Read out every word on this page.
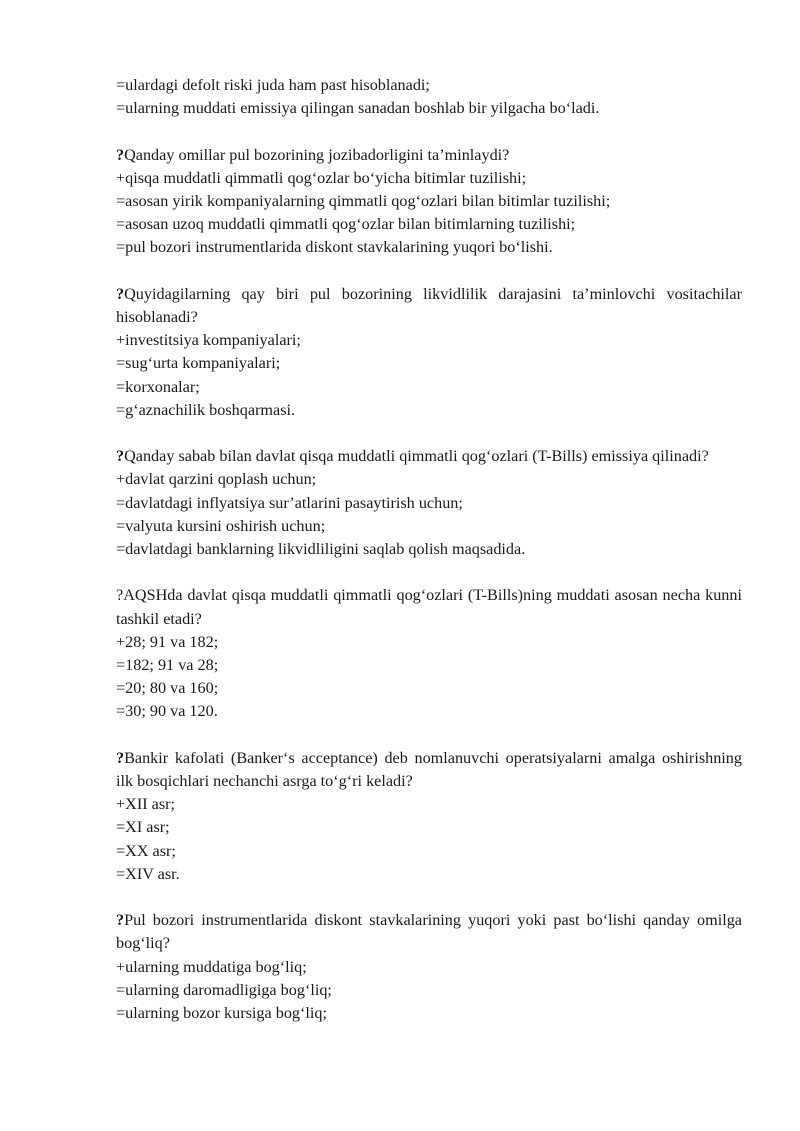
=ulardagi defolt riski juda ham past hisoblanadi;

=ularning muddati emissiya qilingan sanadan boshlab bir yilgacha bo‘ladi.

?Qanday omillar pul bozorining jozibadorligini ta’minlaydi?

+qisqa muddatli qimmatli qog‘ozlar bo‘yicha bitimlar tuzilishi;

=asosan yirik kompaniyalarning qimmatli qog‘ozlari bilan bitimlar tuzilishi;

=asosan uzoq muddatli qimmatli qog‘ozlar bilan bitimlarning tuzilishi;

=pul bozori instrumentlarida diskont stavkalarining yuqori bo‘lishi.

?Quyidagilarning qay biri pul bozorining likvidlilik darajasini ta’minlovchi vositachilar hisoblanadi?

+investitsiya kompaniyalari;

=sug‘urta kompaniyalari;

=korxonalar;

=g‘aznachilik boshqarmasi.

?Qanday sabab bilan davlat qisqa muddatli qimmatli qog‘ozlari (T-Bills) emissiya qilinadi?

+davlat qarzini qoplash uchun;

=davlatdagi inflyatsiya sur’atlarini pasaytirish uchun;

=valyuta kursini oshirish uchun;

=davlatdagi banklarning likvidliligini saqlab qolish maqsadida.

?AQSHda davlat qisqa muddatli qimmatli qog‘ozlari (T-Bills)ning muddati asosan necha kunni tashkil etadi?

+28; 91 va 182;

=182; 91 va 28;

=20; 80 va 160;

=30; 90 va 120.

?Bankir kafolati (Banker‘s acceptance) deb nomlanuvchi operatsiyalarni amalga oshirishning ilk bosqichlari nechanchi asrga to‘g‘ri keladi?

+XII asr;

=XI asr;

=XX asr;

=XIV asr.

?Pul bozori instrumentlarida diskont stavkalarining yuqori yoki past bo‘lishi qanday omilga bog‘liq?

+ularning muddatiga bog‘liq;

=ularning daromadligiga bog‘liq;

=ularning bozor kursiga bog‘liq;
